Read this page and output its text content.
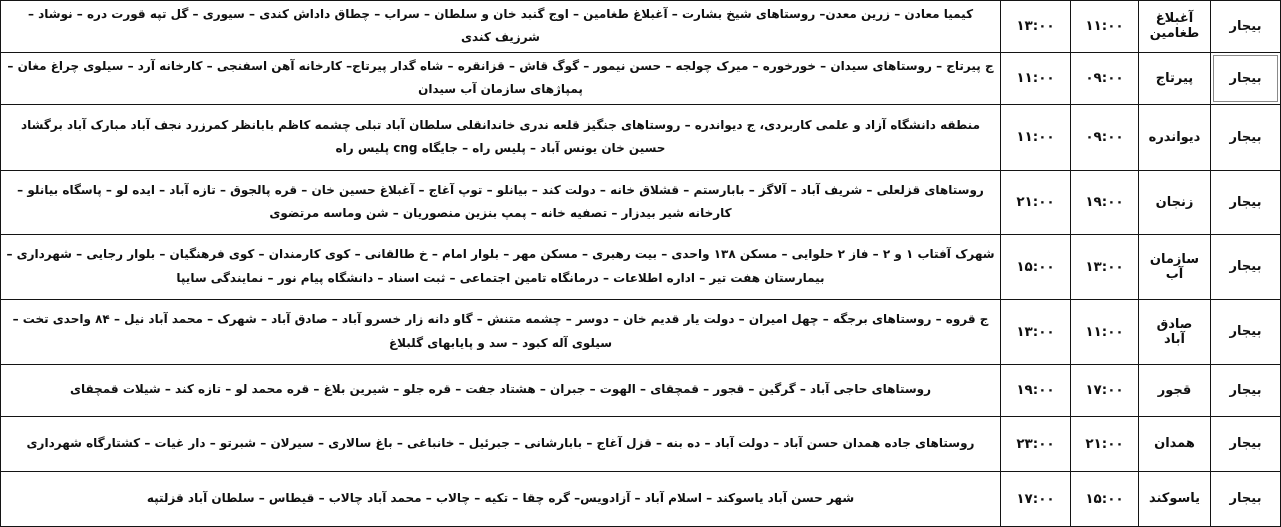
بیجار	آغبلاغ طغامین	۱۱:۰۰	۱۳:۰۰	کیمیا معادن – زرین معدن– روستاهای شیخ بشارت – آغبلاغ طغامین – اوج گنبد خان و سلطان – سراب – چطاق داداش کندی – سیوری – گل تپه قورت دره – نوشاد – شرزیف کندی
بیجار	پیرتاج	۰۹:۰۰	۱۱:۰۰	ج پیرتاج – روستاهای سیدان – خورخوره – میرک چولجه – حسن نیمور – گوگ قاش – قزانقره – شاه گدار پیرتاج– کارخانه آهن اسفنجی – کارخانه آرد – سیلوی چراغ مغان – پمپاژهای سازمان آب سیدان
بیجار	دیواندره	۰۹:۰۰	۱۱:۰۰	منطقه دانشگاه آزاد و علمی کاربردی، ج دیواندره – روستاهای جنگیز قلعه ندری خاندانقلی سلطان آباد تبلی چشمه کاظم بابانظر کمرزرد نجف آباد مبارک آباد برگشاد حسین خان یونس آباد – پلیس راه – جایگاه cng پلیس راه
بیجار	زنجان	۱۹:۰۰	۲۱:۰۰	روستاهای قزلعلی – شریف آباد – آلاگز – بابارستم – قشلاق خانه – دولت کند – بیانلو – توپ آغاج – آغبلاغ حسین خان – قره پالجوق – تازه آباد – ایده لو – پاسگاه بیانلو – کارخانه شیر بیدزار – تصفیه خانه – پمپ بنزین منصوریان – شن وماسه مرتضوی
بیجار	سازمان آب	۱۳:۰۰	۱۵:۰۰	شهرک آفتاب ۱ و ۲ – فاز ۲ حلوایی – مسکن ۱۳۸ واحدی – بیت رهبری – مسکن مهر – بلوار امام – خ طالقانی – کوی کارمندان – کوی فرهنگیان – بلوار رجایی – شهرداری – بیمارستان هفت تیر – اداره اطلاعات – درمانگاه تامین اجتماعی – ثبت اسناد – دانشگاه پیام نور – نمایندگی سایپا
بیجار	صادق آباد	۱۱:۰۰	۱۳:۰۰	ج قروه – روستاهای برجگه – چهل امیران – دولت یار قدیم خان – دوسر – چشمه متنش – گاو دانه زار خسرو آباد – صادق آباد – شهرک – محمد آباد نیل – ۸۴ واحدی تخت – سیلوی آله کبود – سد و پایابهای گلبلاغ
بیجار	قجور	۱۷:۰۰	۱۹:۰۰	روستاهای حاجی آباد – گرگین – قجور – قمچقای – الهوت – جبران – هشتاد جفت – قره جلو – شیرین بلاغ – قره محمد لو – تازه کند – شیلات قمچقای
بیجار	همدان	۲۱:۰۰	۲۳:۰۰	روستاهای جاده همدان حسن آباد – دولت آباد – ده بنه – قزل آغاج – بابارشانی – جبرئیل – خانباغی – باغ سالاری – سیرلان – شبرتو – دار غیات – کشتارگاه شهرداری
بیجار	یاسوکند	۱۵:۰۰	۱۷:۰۰	شهر حسن آباد یاسوکند – اسلام آباد – آزادویس– گره چقا – تکیه – چالاب – محمد آباد چالاب – قیطاس – سلطان آباد قزلتپه
